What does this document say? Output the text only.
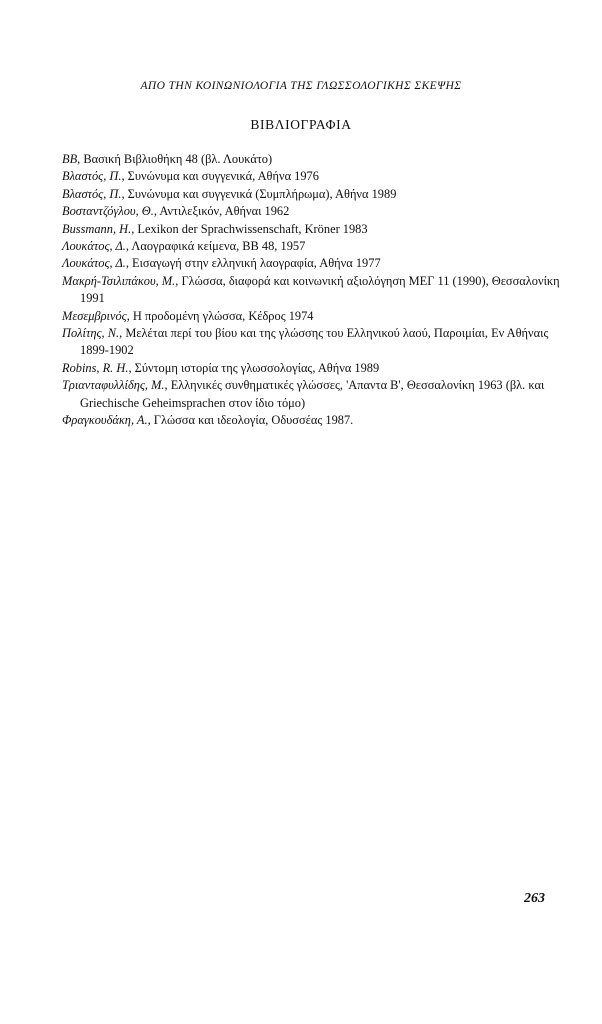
ΑΠΟ ΤΗΝ ΚΟΙΝΩΝΙΟΛΟΓΙΑ ΤΗΣ ΓΛΩΣΣΟΛΟΓΙΚΗΣ ΣΚΕΨΗΣ
ΒΙΒΛΙΟΓΡΑΦΙΑ

ΒΒ, Βασική Βιβλιοθήκη 48 (βλ. Λουκάτο)

Βλαστός, Π., Συνώνυμα και συγγενικά, Αθήνα 1976

Βλαστός, Π., Συνώνυμα και συγγενικά (Συμπλήρωμα), Αθήνα 1989

Βοσταντζόγλου, Θ., Αντιλεξικόν, Αθήναι 1962

Bussmann, H., Lexikon der Sprachwissenschaft, Kröner 1983

Λουκάτος, Δ., Λαογραφικά κείμενα, ΒΒ 48, 1957

Λουκάτος, Δ., Εισαγωγή στην ελληνική λαογραφία, Αθήνα 1977

Μακρή-Τσιλιπάκου, Μ., Γλώσσα, διαφορά και κοινωνική αξιολόγηση ΜΕΓ 11 (1990), Θεσσαλονίκη 1991

Μεσεμβρινός, Η προδομένη γλώσσα, Κέδρος 1974

Πολίτης, Ν., Μελέται περί του βίου και της γλώσσης του Ελληνικού λαού, Παροιμίαι, Εν Αθήναις 1899-1902

Robins, R. H., Σύντομη ιστορία της γλωσσολογίας, Αθήνα 1989

Τριανταφυλλίδης, Μ., Ελληνικές συνθηματικές γλώσσες, 'Απαντα Β', Θεσσαλονίκη 1963 (βλ. και Griechische Geheimsprachen στον ίδιο τόμο)

Φραγκουδάκη, Α., Γλώσσα και ιδεολογία, Οδυσσέας 1987.

263
